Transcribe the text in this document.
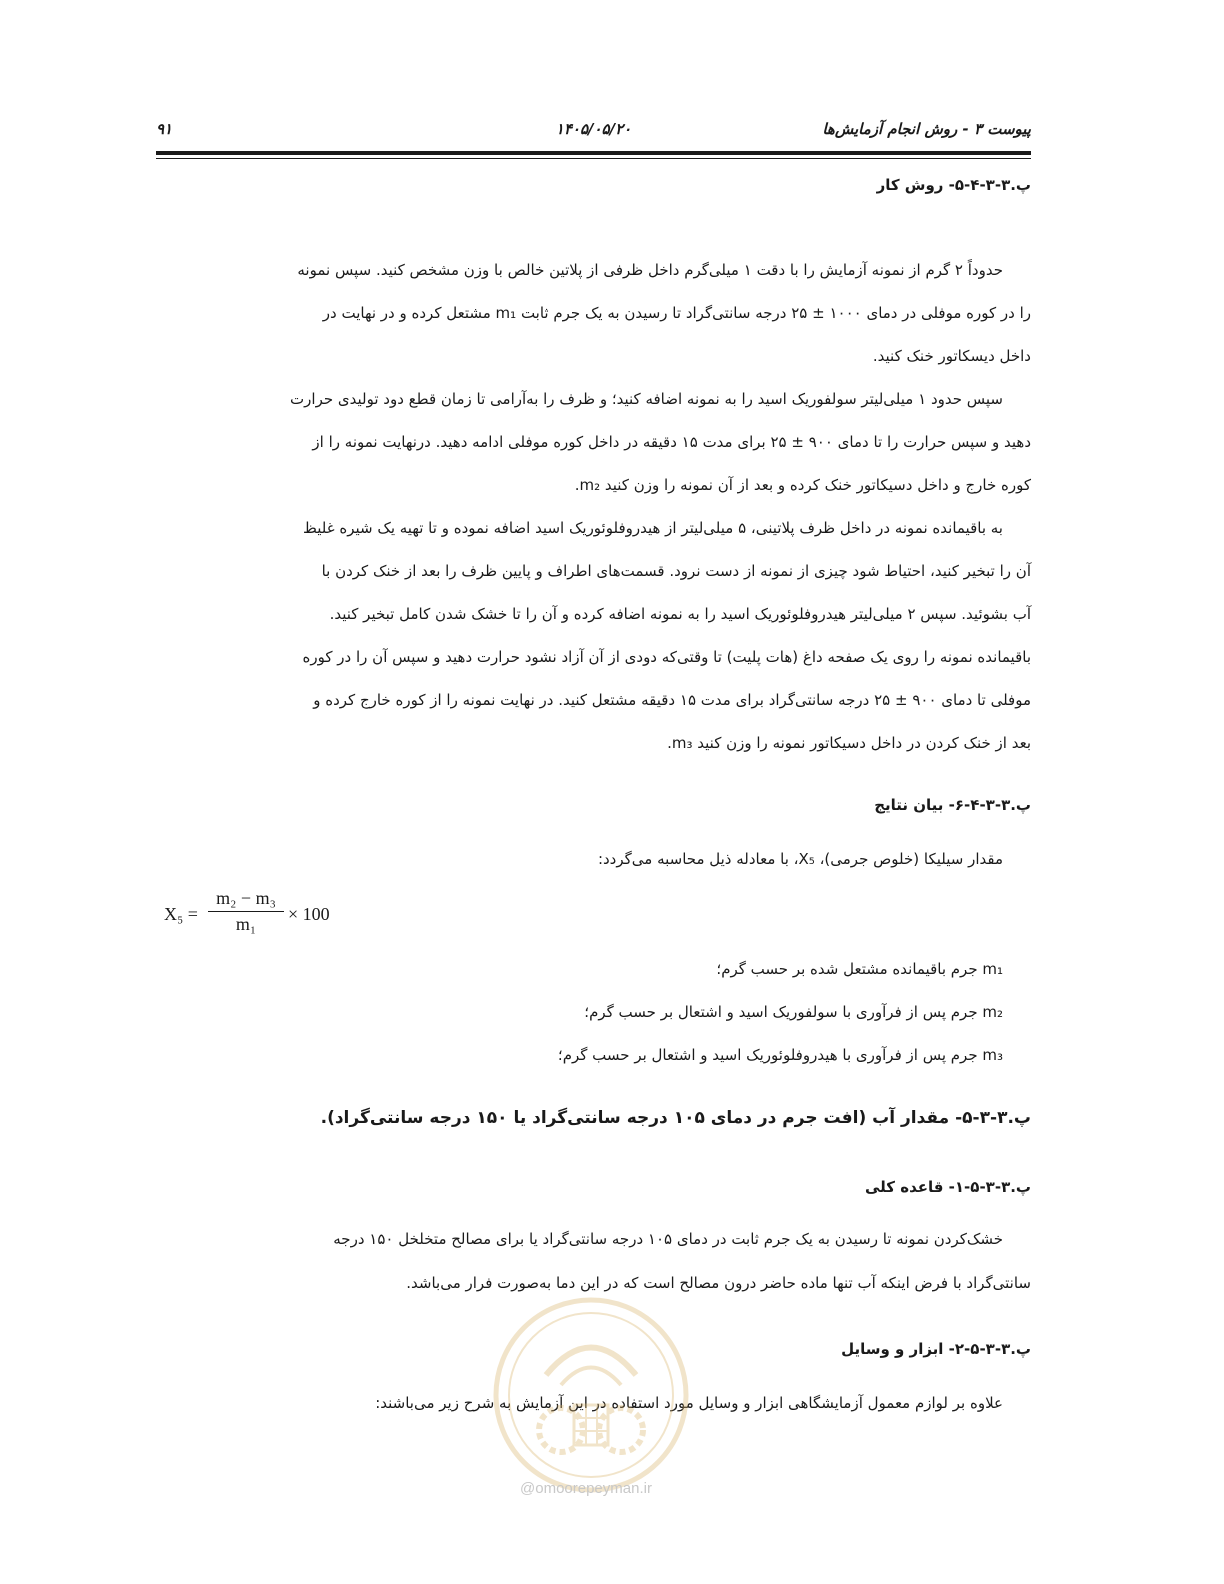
پیوست ۳ - روش انجام آزمایش‌ها
۱۴۰۵/۰۵/۲۰
۹۱
پ.۳-۳-۴-۵- روش کار

حدوداً ۲ گرم از نمونه آزمایش را با دقت ۱ میلی‌گرم داخل ظرفی از پلاتین خالص با وزن مشخص کنید. سپس نمونه

را در کوره موفلی در دمای ۱۰۰۰ ± ۲۵ درجه سانتی‌گراد تا رسیدن به یک جرم ثابت m₁ مشتعل کرده و در نهایت در

داخل دیسکاتور خنک کنید.

سپس حدود ۱ میلی‌لیتر سولفوریک اسید را به نمونه اضافه کنید؛ و ظرف را به‌آرامی تا زمان قطع دود تولیدی حرارت

دهید و سپس حرارت را تا دمای ۹۰۰ ± ۲۵ برای مدت ۱۵ دقیقه در داخل کوره موفلی ادامه دهید. درنهایت نمونه را از

کوره خارج و داخل دسیکاتور خنک کرده و بعد از آن نمونه را وزن کنید m₂.

به باقیمانده نمونه در داخل ظرف پلاتینی، ۵ میلی‌لیتر از هیدروفلوئوریک اسید اضافه نموده و تا تهیه یک شیره غلیظ

آن را تبخیر کنید، احتیاط شود چیزی از نمونه از دست نرود. قسمت‌های اطراف و پایین ظرف را بعد از خنک کردن با

آب بشوئید. سپس ۲ میلی‌لیتر هیدروفلوئوریک اسید را به نمونه اضافه کرده و آن را تا خشک شدن کامل تبخیر کنید.

باقیمانده نمونه را روی یک صفحه داغ (هات پلیت) تا وقتی‌که دودی از آن آزاد نشود حرارت دهید و سپس آن را در کوره

موفلی تا دمای ۹۰۰ ± ۲۵ درجه سانتی‌گراد برای مدت ۱۵ دقیقه مشتعل کنید. در نهایت نمونه را از کوره خارج کرده و

بعد از خنک کردن در داخل دسیکاتور نمونه را وزن کنید m₃.

پ.۳-۳-۴-۶- بیان نتایج

مقدار سیلیکا (خلوص جرمی)، X₅، با معادله ذیل محاسبه می‌گردد:

m₁ جرم باقیمانده مشتعل شده بر حسب گرم؛

m₂ جرم پس از فرآوری با سولفوریک اسید و اشتعال بر حسب گرم؛

m₃ جرم پس از فرآوری با هیدروفلوئوریک اسید و اشتعال بر حسب گرم؛

پ.۳-۳-۵- مقدار آب (افت جرم در دمای ۱۰۵ درجه سانتی‌گراد یا ۱۵۰ درجه سانتی‌گراد).
پ.۳-۳-۵-۱- قاعده کلی

خشک‌کردن نمونه تا رسیدن به یک جرم ثابت در دمای ۱۰۵ درجه سانتی‌گراد یا برای مصالح متخلخل ۱۵۰ درجه

سانتی‌گراد با فرض اینکه آب تنها ماده حاضر درون مصالح است که در این دما به‌صورت فرار می‌باشد.

پ.۳-۳-۵-۲- ابزار و وسایل

علاوه بر لوازم معمول آزمایشگاهی ابزار و وسایل مورد استفاده در این آزمایش به شرح زیر می‌باشند:

X₅ =
m₂ − m₃
m₁	× 100
@omoorepeyman.ir
